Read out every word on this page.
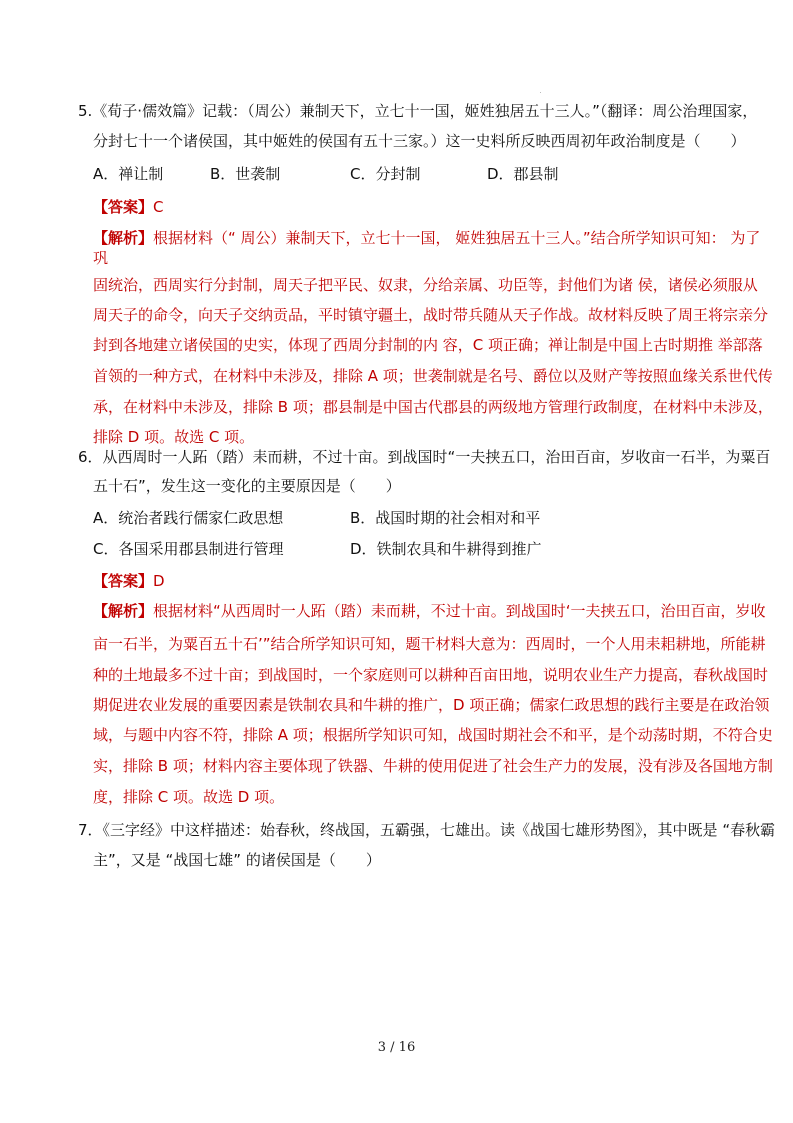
5.《荀子·儒效篇》记载：（周公）兼制天下，立七十一国，姬姓独居五十三人。”（翻译：周公治理国家，
分封七十一个诸侯国，其中姬姓的侯国有五十三家。）这一史料所反映西周初年政治制度是（　　）
A．禅让制	B．世袭制	C．分封制	D．郡县制
【答案】C
【解析】根据材料（“ 周公）兼制天下，立七十一国， 姬姓独居五十三人。”结合所学知识可知： 为了
巩
固统治，西周实行分封制，周天子把平民、奴隶，分给亲属、功臣等，封他们为诸 侯，诸侯必须服从
周天子的命令，向天子交纳贡品，平时镇守疆土，战时带兵随从天子作战。故材料反映了周王将宗亲分
封到各地建立诸侯国的史实，体现了西周分封制的内 容，C 项正确；禅让制是中国上古时期推 举部落
首领的一种方式，在材料中未涉及，排除 A 项；世袭制就是名号、爵位以及财产等按照血缘关系世代传
承，在材料中未涉及，排除 B 项；郡县制是中国古代郡县的两级地方管理行政制度，在材料中未涉及，
排除 D 项。故选 C 项。
6．从西周时一人跖（踏）耒而耕，不过十亩。到战国时“一夫挟五口，治田百亩，岁收亩一石半，为粟百
五十石”，发生这一变化的主要原因是（　　）
A．统治者践行儒家仁政思想	B．战国时期的社会相对和平
C．各国采用郡县制进行管理	D．铁制农具和牛耕得到推广
【答案】D
【解析】根据材料“从西周时一人跖（踏）耒而耕，不过十亩。到战国时‘一夫挟五口，治田百亩，岁收
亩一石半，为粟百五十石’”结合所学知识可知，题干材料大意为：西周时，一个人用耒耜耕地，所能耕
种的土地最多不过十亩；到战国时，一个家庭则可以耕种百亩田地，说明农业生产力提高，春秋战国时
期促进农业发展的重要因素是铁制农具和牛耕的推广，D 项正确；儒家仁政思想的践行主要是在政治领
域，与题中内容不符，排除 A 项；根据所学知识可知，战国时期社会不和平，是个动荡时期，不符合史
实，排除 B 项；材料内容主要体现了铁器、牛耕的使用促进了社会生产力的发展，没有涉及各国地方制
度，排除 C 项。故选 D 项。
7．《三字经》中这样描述：始春秋，终战国，五霸强，七雄出。读《战国七雄形势图》，其中既是 “春秋霸
主”，又是 “战国七雄” 的诸侯国是（　　）
3 / 16
